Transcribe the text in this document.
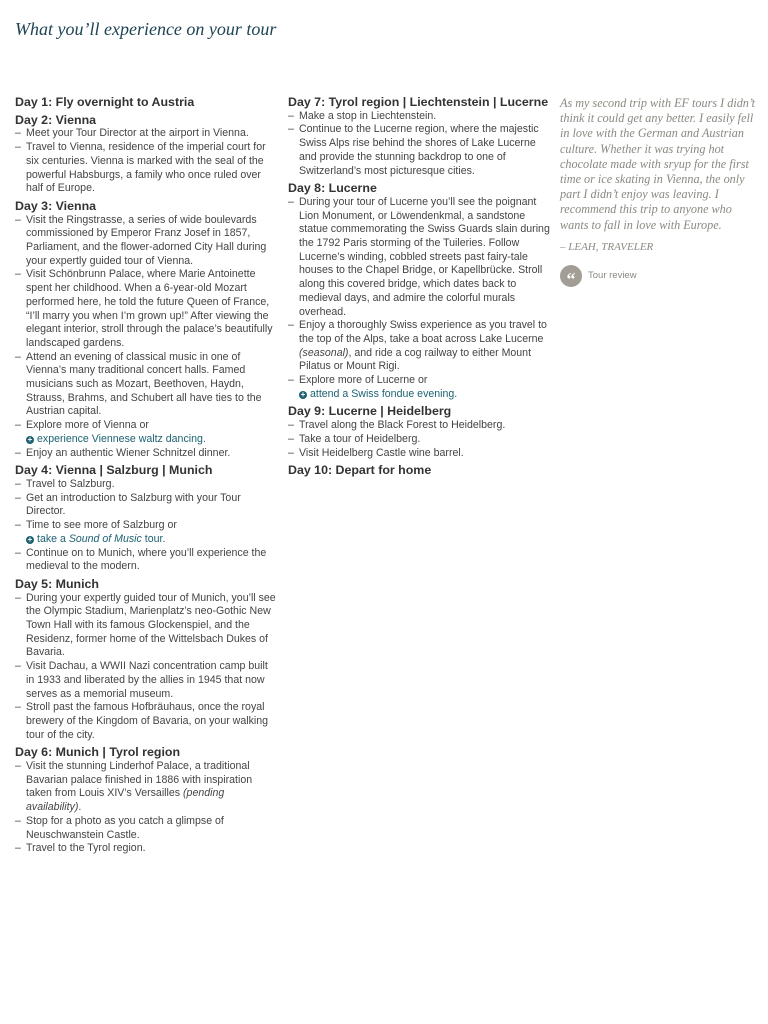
What you’ll experience on your tour
Day 1: Fly overnight to Austria
Day 2: Vienna
– Meet your Tour Director at the airport in Vienna.
– Travel to Vienna, residence of the imperial court for six centuries. Vienna is marked with the seal of the powerful Habsburgs, a family who once ruled over half of Europe.
Day 3: Vienna
– Visit the Ringstrasse, a series of wide boulevards commissioned by Emperor Franz Josef in 1857, Parliament, and the flower-adorned City Hall during your expertly guided tour of Vienna.
– Visit Schönbrunn Palace, where Marie Antoinette spent her childhood. When a 6-year-old Mozart performed here, he told the future Queen of France, “I’ll marry you when I’m grown up!” After viewing the elegant interior, stroll through the palace’s beautifully landscaped gardens.
– Attend an evening of classical music in one of Vienna’s many traditional concert halls. Famed musicians such as Mozart, Beethoven, Haydn, Strauss, Brahms, and Schubert all have ties to the Austrian capital.
– Explore more of Vienna or
+ experience Viennese waltz dancing.
– Enjoy an authentic Wiener Schnitzel dinner.
Day 4: Vienna | Salzburg | Munich
– Travel to Salzburg.
– Get an introduction to Salzburg with your Tour Director.
– Time to see more of Salzburg or
+ take a Sound of Music tour.
– Continue on to Munich, where you’ll experience the medieval to the modern.
Day 5: Munich
– During your expertly guided tour of Munich, you’ll see the Olympic Stadium, Marienplatz’s neo-Gothic New Town Hall with its famous Glockenspiel, and the Residenz, former home of the Wittelsbach Dukes of Bavaria.
– Visit Dachau, a WWII Nazi concentration camp built in 1933 and liberated by the allies in 1945 that now serves as a memorial museum.
– Stroll past the famous Hofbräuhaus, once the royal brewery of the Kingdom of Bavaria, on your walking tour of the city.
Day 6: Munich | Tyrol region
– Visit the stunning Linderhof Palace, a traditional Bavarian palace finished in 1886 with inspiration taken from Louis XIV’s Versailles (pending availability).
– Stop for a photo as you catch a glimpse of Neuschwanstein Castle.
– Travel to the Tyrol region.
Day 7: Tyrol region | Liechtenstein | Lucerne
– Make a stop in Liechtenstein.
– Continue to the Lucerne region, where the majestic Swiss Alps rise behind the shores of Lake Lucerne and provide the stunning backdrop to one of Switzerland’s most picturesque cities.
Day 8: Lucerne
– During your tour of Lucerne you’ll see the poignant Lion Monument, or Löwendenkmal, a sandstone statue commemorating the Swiss Guards slain during the 1792 Paris storming of the Tuileries. Follow Lucerne’s winding, cobbled streets past fairy-tale houses to the Chapel Bridge, or Kapellbrücke. Stroll along this covered bridge, which dates back to medieval days, and admire the colorful murals overhead.
– Enjoy a thoroughly Swiss experience as you travel to the top of the Alps, take a boat across Lake Lucerne (seasonal), and ride a cog railway to either Mount Pilatus or Mount Rigi.
– Explore more of Lucerne or
+ attend a Swiss fondue evening.
Day 9: Lucerne | Heidelberg
– Travel along the Black Forest to Heidelberg.
– Take a tour of Heidelberg.
– Visit Heidelberg Castle wine barrel.
Day 10: Depart for home

As my second trip with EF tours I didn’t think it could get any better. I easily fell in love with the German and Austrian culture. Whether it was trying hot chocolate made with sryup for the first time or ice skating in Vienna, the only part I didn’t enjoy was leaving. I recommend this trip to anyone who wants to fall in love with Europe.

– LEAH, TRAVELER

“	Tour review
